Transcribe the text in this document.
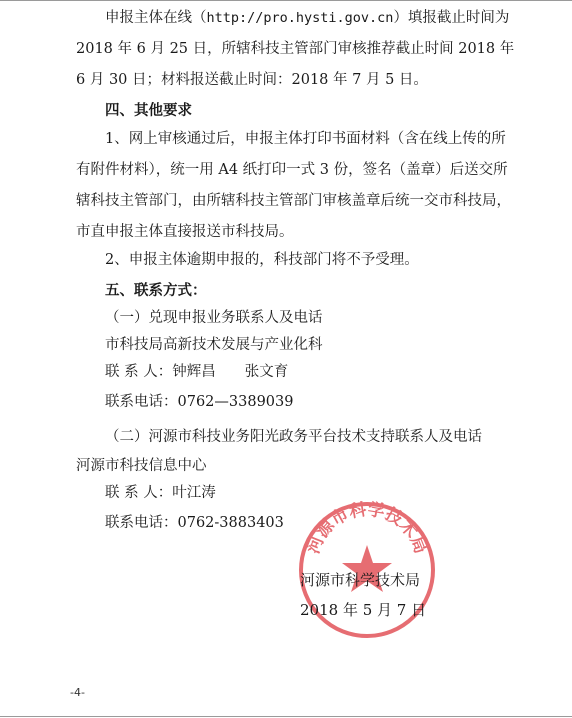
申报主体在线（http://pro.hysti.gov.cn）填报截止时间为

2018 年 6 月 25 日，所辖科技主管部门审核推荐截止时间 2018 年

6 月 30 日；材料报送截止时间：2018 年 7 月 5 日。

四、其他要求

1、网上审核通过后，申报主体打印书面材料（含在线上传的所有附件材料），统一用 A4 纸打印一式 3 份，签名（盖章）后送交所辖科技主管部门，由所辖科技主管部门审核盖章后统一交市科技局，市直申报主体直接报送市科技局。

2、申报主体逾期申报的，科技部门将不予受理。

五、联系方式：

（一）兑现申报业务联系人及电话

市科技局高新技术发展与产业化科

联 系 人：钟辉昌　　张文育

联系电话：0762—3389039

（二）河源市科技业务阳光政务平台技术支持联系人及电话

河源市科技信息中心

联 系 人：叶江涛

联系电话：0762-3883403

河源市科学技术局

河源市科学技术局

2018 年 5 月 7 日

-4-
